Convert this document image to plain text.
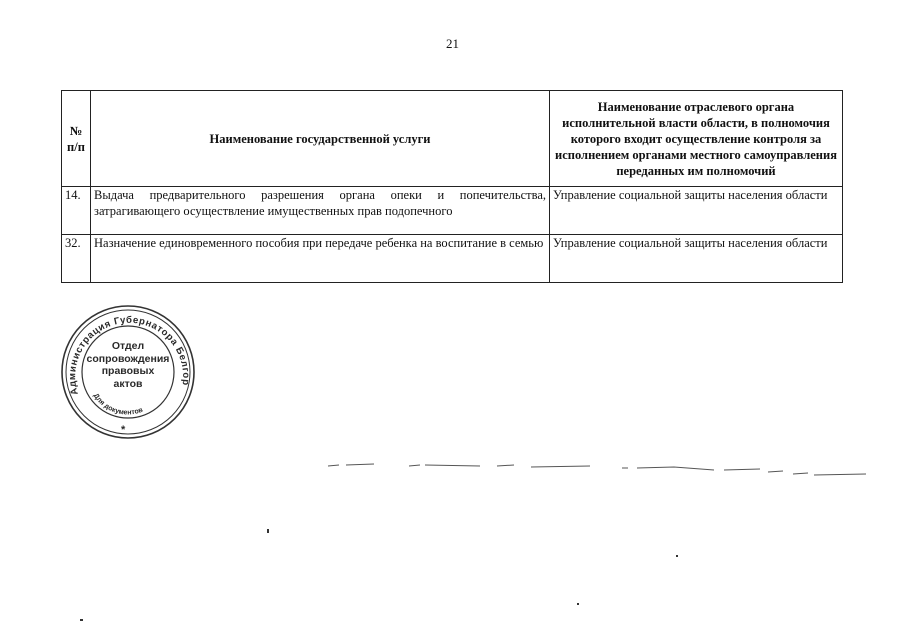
21
№ п/п	Наименование государственной услуги	Наименование отраслевого органа исполнительной власти области, в полномочия которого входит осуществление контроля за исполнением органами местного самоуправления переданных им полномочий
14.	Выдача предварительного разрешения органа опеки и попечительства, затрагивающего осуществление имущественных прав подопечного	Управление социальной защиты населения области
32.	Назначение единовременного пособия при передаче ребенка на воспитание в семью	Управление социальной защиты населения области
Администрация Губернатора Белгор
Для документов
*
Отдел
сопровождения
правовых
актов
